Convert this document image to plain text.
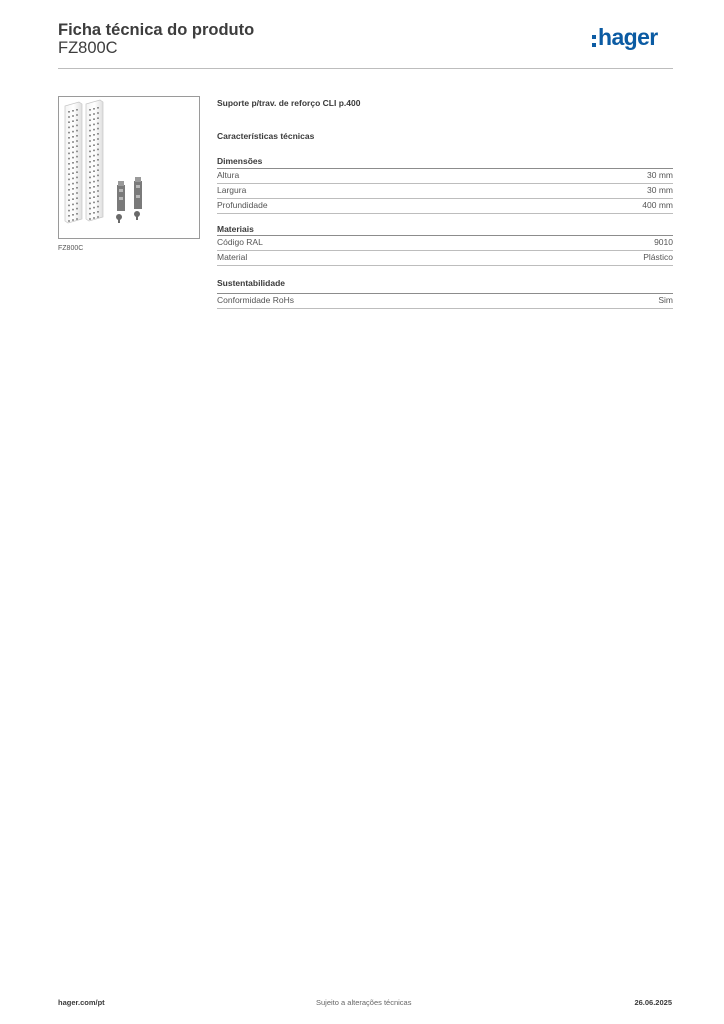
Ficha técnica do produto
FZ800C	hager
FZ800C
Suporte p/trav. de reforço CLI p.400
Características técnicas
Dimensões
Altura	30 mm
Largura	30 mm
Profundidade	400 mm
Materiais
Código RAL	9010
Material	Plástico
Sustentabilidade
Conformidade RoHs	Sim
hager.com/pt	Sujeito a alterações técnicas	26.06.2025
